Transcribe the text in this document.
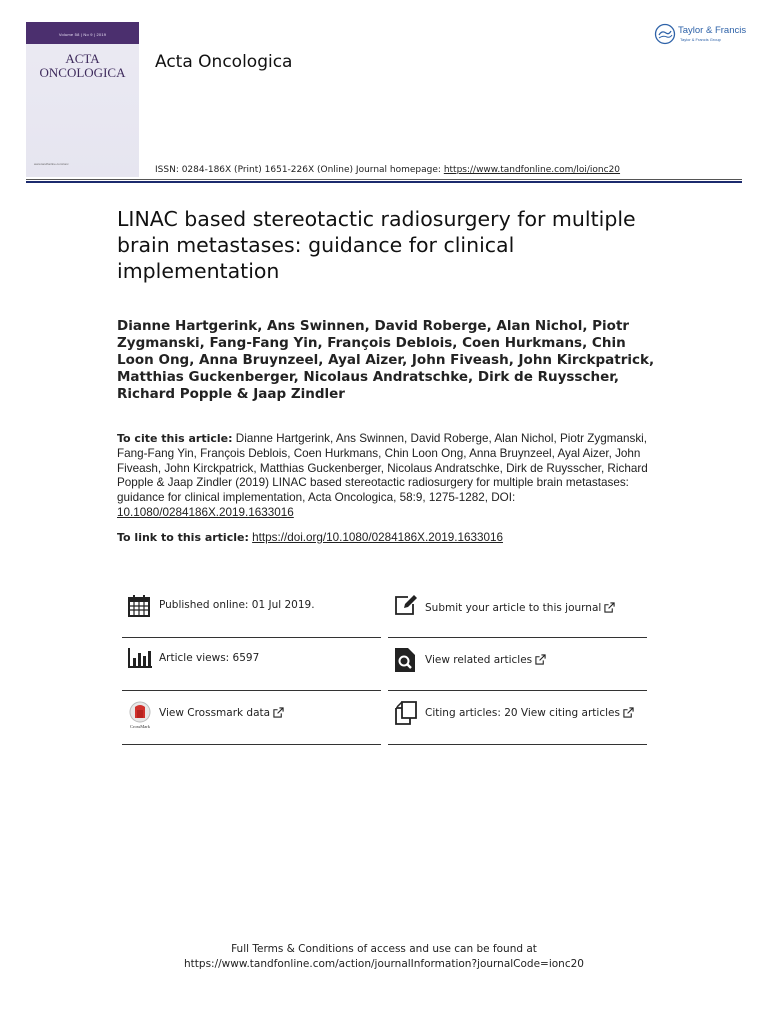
Volume 58 | No 9 | 2019
ACTA
ONCOLOGICA
www.tandfonline.com/ionc
Acta Oncologica
Taylor & Francis
Taylor & Francis Group
ISSN: 0284-186X (Print) 1651-226X (Online) Journal homepage: https://www.tandfonline.com/loi/ionc20
LINAC based stereotactic radiosurgery for multiple brain metastases: guidance for clinical implementation

Dianne Hartgerink, Ans Swinnen, David Roberge, Alan Nichol, Piotr Zygmanski, Fang-Fang Yin, François Deblois, Coen Hurkmans, Chin Loon Ong, Anna Bruynzeel, Ayal Aizer, John Fiveash, John Kirckpatrick, Matthias Guckenberger, Nicolaus Andratschke, Dirk de Ruysscher, Richard Popple & Jaap Zindler

To cite this article: Dianne Hartgerink, Ans Swinnen, David Roberge, Alan Nichol, Piotr Zygmanski, Fang-Fang Yin, François Deblois, Coen Hurkmans, Chin Loon Ong, Anna Bruynzeel, Ayal Aizer, John Fiveash, John Kirckpatrick, Matthias Guckenberger, Nicolaus Andratschke, Dirk de Ruysscher, Richard Popple & Jaap Zindler (2019) LINAC based stereotactic radiosurgery for multiple brain metastases: guidance for clinical implementation, Acta Oncologica, 58:9, 1275-1282, DOI: 10.1080/0284186X.2019.1633016

To link to this article: https://doi.org/10.1080/0284186X.2019.1633016

Published online: 01 Jul 2019.
Article views: 6597
CrossMark
View Crossmark data
Submit your article to this journal
View related articles
Citing articles: 20 View citing articles
Full Terms & Conditions of access and use can be found at
https://www.tandfonline.com/action/journalInformation?journalCode=ionc20
